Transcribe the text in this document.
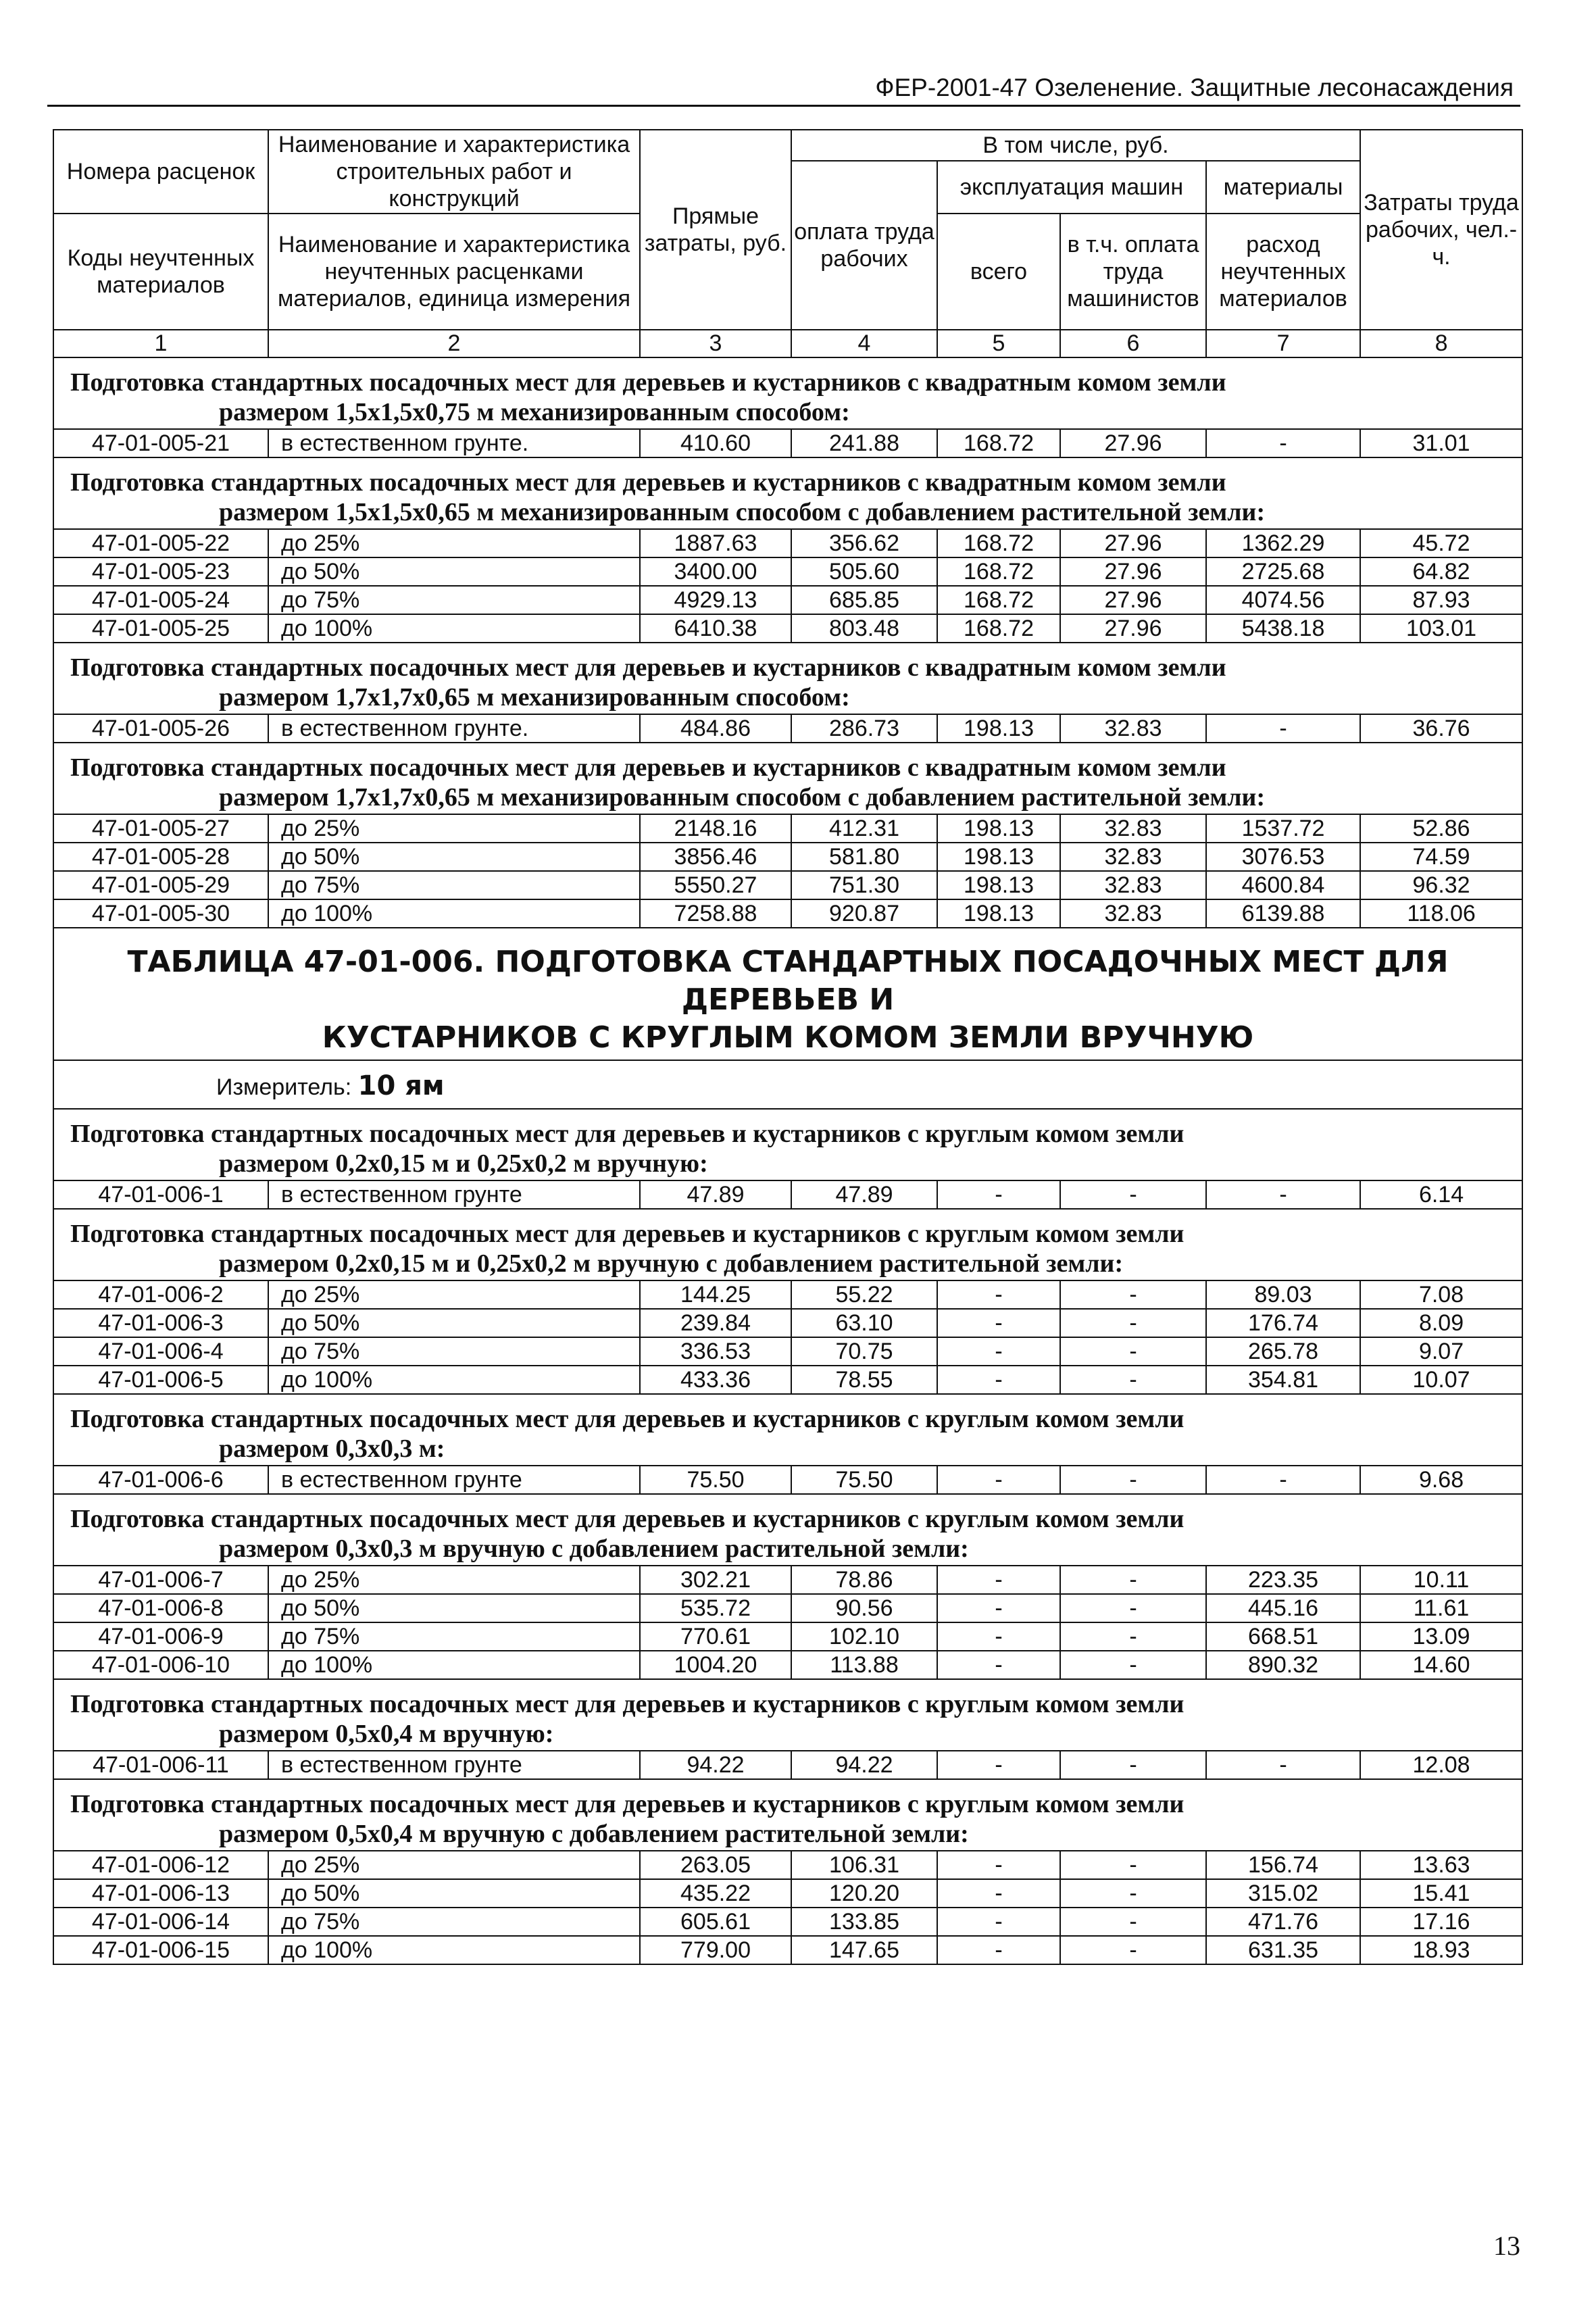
ФЕР-2001-47 Озеленение. Защитные лесонасаждения
Номера расценок	Наименование и характеристика строительных работ и конструкций	Прямые затраты, руб.	В том числе, руб.				Затраты труда рабочих, чел.-ч.
			оплата труда рабочих	эксплуатация машин		материалы	
Коды неучтенных материалов	Наименование и характеристика неучтенных расценками материалов, единица измерения			всего	в т.ч. оплата труда машинистов	расход неучтенных материалов	

1	2	3	4	5	6	7	8
Подготовка стандартных посадочных мест для деревьев и кустарников с квадратным комом земли
размером 1,5х1,5х0,75 м механизированным способом:							

47-01-005-21	в естественном грунте.	410.60	241.88	168.72	27.96	-	31.01
Подготовка стандартных посадочных мест для деревьев и кустарников с квадратным комом земли
размером 1,5х1,5х0,65 м механизированным способом с добавлением растительной земли:							

47-01-005-22	до 25%	1887.63	356.62	168.72	27.96	1362.29	45.72
47-01-005-23	до 50%	3400.00	505.60	168.72	27.96	2725.68	64.82
47-01-005-24	до 75%	4929.13	685.85	168.72	27.96	4074.56	87.93
47-01-005-25	до 100%	6410.38	803.48	168.72	27.96	5438.18	103.01
Подготовка стандартных посадочных мест для деревьев и кустарников с квадратным комом земли
размером 1,7х1,7х0,65 м механизированным способом:							

47-01-005-26	в естественном грунте.	484.86	286.73	198.13	32.83	-	36.76
Подготовка стандартных посадочных мест для деревьев и кустарников с квадратным комом земли
размером 1,7х1,7х0,65 м механизированным способом с добавлением растительной земли:							

47-01-005-27	до 25%	2148.16	412.31	198.13	32.83	1537.72	52.86
47-01-005-28	до 50%	3856.46	581.80	198.13	32.83	3076.53	74.59
47-01-005-29	до 75%	5550.27	751.30	198.13	32.83	4600.84	96.32
47-01-005-30	до 100%	7258.88	920.87	198.13	32.83	6139.88	118.06

ТАБЛИЦА 47-01-006. ПОДГОТОВКА СТАНДАРТНЫХ ПОСАДОЧНЫХ МЕСТ ДЛЯ ДЕРЕВЬЕВ И
КУСТАРНИКОВ С КРУГЛЫМ КОМОМ ЗЕМЛИ ВРУЧНУЮ							

Измеритель: 10 ям							
Подготовка стандартных посадочных мест для деревьев и кустарников с круглым комом земли
размером 0,2х0,15 м и 0,25х0,2 м вручную:							

47-01-006-1	в естественном грунте	47.89	47.89	-	-	-	6.14
Подготовка стандартных посадочных мест для деревьев и кустарников с круглым комом земли
размером 0,2х0,15 м и 0,25х0,2 м вручную с добавлением растительной земли:							

47-01-006-2	до 25%	144.25	55.22	-	-	89.03	7.08
47-01-006-3	до 50%	239.84	63.10	-	-	176.74	8.09
47-01-006-4	до 75%	336.53	70.75	-	-	265.78	9.07
47-01-006-5	до 100%	433.36	78.55	-	-	354.81	10.07
Подготовка стандартных посадочных мест для деревьев и кустарников с круглым комом земли
размером 0,3х0,3 м:							

47-01-006-6	в естественном грунте	75.50	75.50	-	-	-	9.68
Подготовка стандартных посадочных мест для деревьев и кустарников с круглым комом земли
размером 0,3х0,3 м вручную с добавлением растительной земли:							

47-01-006-7	до 25%	302.21	78.86	-	-	223.35	10.11
47-01-006-8	до 50%	535.72	90.56	-	-	445.16	11.61
47-01-006-9	до 75%	770.61	102.10	-	-	668.51	13.09
47-01-006-10	до 100%	1004.20	113.88	-	-	890.32	14.60
Подготовка стандартных посадочных мест для деревьев и кустарников с круглым комом земли
размером 0,5х0,4 м вручную:							

47-01-006-11	в естественном грунте	94.22	94.22	-	-	-	12.08
Подготовка стандартных посадочных мест для деревьев и кустарников с круглым комом земли
размером 0,5х0,4 м вручную с добавлением растительной земли:							

47-01-006-12	до 25%	263.05	106.31	-	-	156.74	13.63
47-01-006-13	до 50%	435.22	120.20	-	-	315.02	15.41
47-01-006-14	до 75%	605.61	133.85	-	-	471.76	17.16
47-01-006-15	до 100%	779.00	147.65	-	-	631.35	18.93
13
